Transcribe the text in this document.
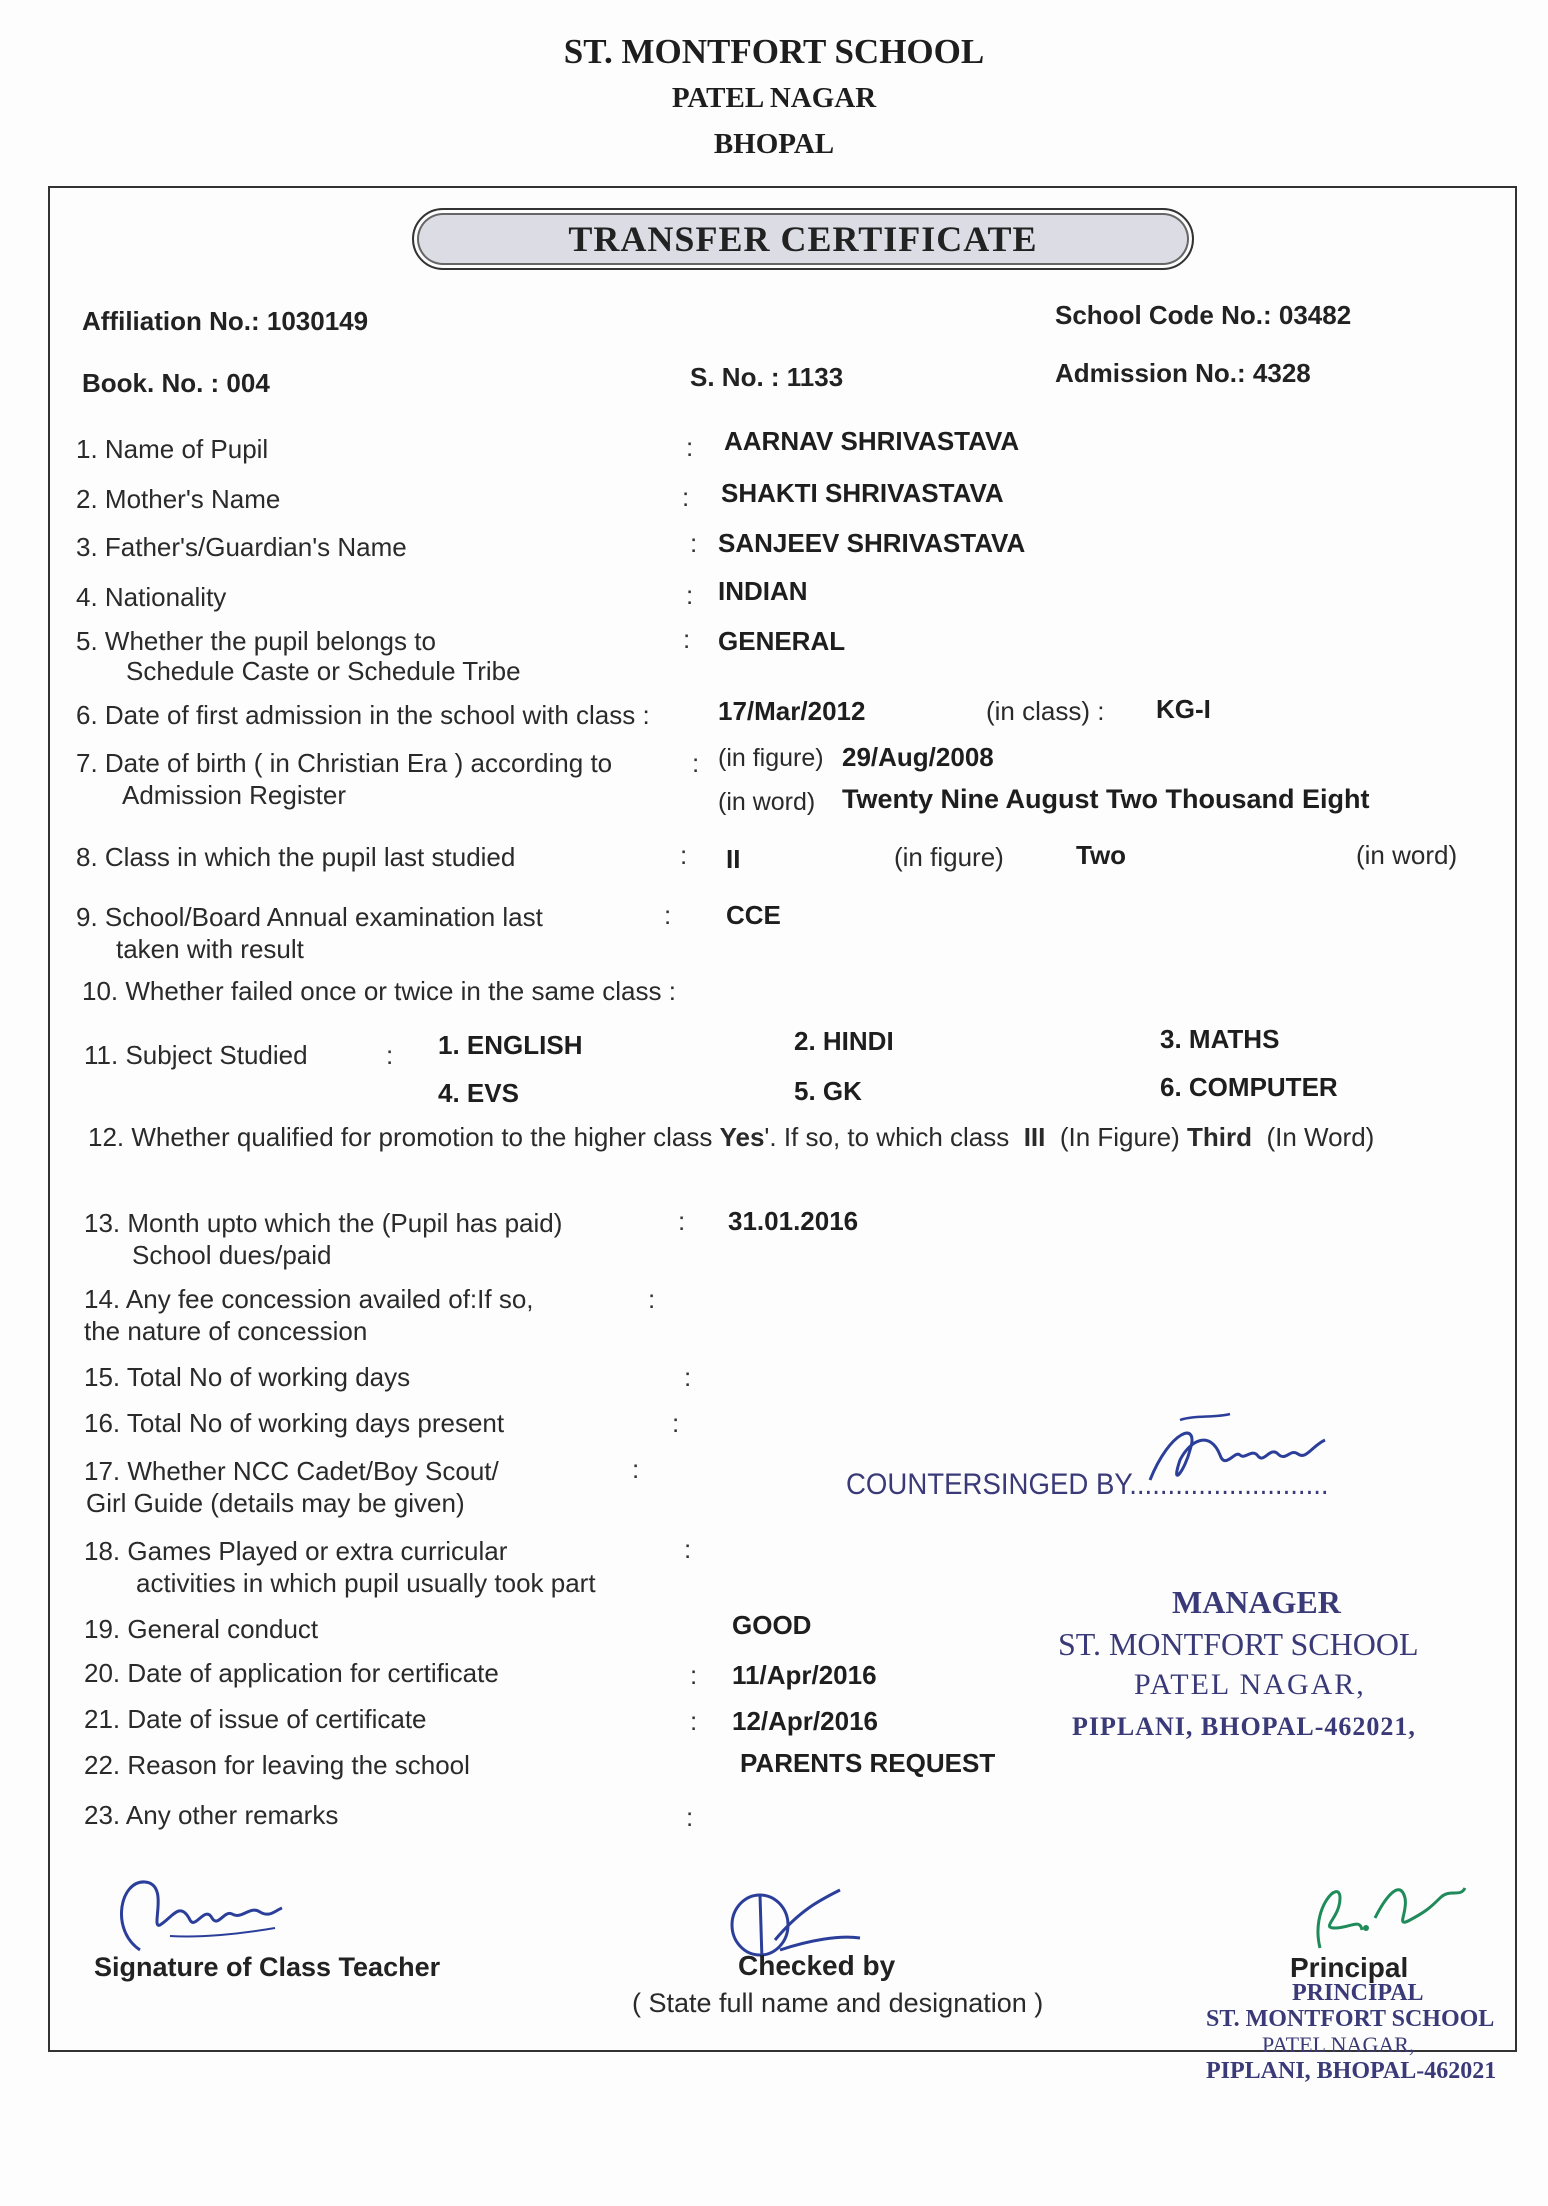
ST. MONTFORT SCHOOL
PATEL NAGAR
BHOPAL
TRANSFER CERTIFICATE
Affiliation No.: 1030149	School Code No.: 03482
Book. No. : 004	S. No. : 1133	Admission No.: 4328
1. Name of Pupil	: AARNAV SHRIVASTAVA
2. Mother's Name	: SHAKTI SHRIVASTAVA
3. Father's/Guardian's Name	: SANJEEV SHRIVASTAVA
4. Nationality	: INDIAN
5. Whether the pupil belongs to
Schedule Caste or Schedule Tribe
: GENERAL
6. Date of first admission in the school with class :	17/Mar/2012	(in class) : KG-I
7. Date of birth ( in Christian Era ) according to
Admission Register
: (in figure) 29/Aug/2008
(in word) Twenty Nine August Two Thousand Eight
8. Class in which the pupil last studied	: II	(in figure)	Two	(in word)
9. School/Board Annual examination last
taken with result
: CCE
10. Whether failed once or twice in the same class :
11. Subject Studied	: 1. ENGLISH	2. HINDI	3. MATHS
4. EVS	5. GK	6. COMPUTER
12. Whether qualified for promotion to the higher class Yes'. If so, to which class III (In Figure) Third (In Word)
13. Month upto which the (Pupil has paid)
School dues/paid
: 31.01.2016
14. Any fee concession availed of:If so,
the nature of concession
:
15. Total No of working days	:
16. Total No of working days present	:
17. Whether NCC Cadet/Boy Scout/
Girl Guide (details may be given)
:
18. Games Played or extra curricular
activities in which pupil usually took part
:
19. General conduct	GOOD
20. Date of application for certificate	: 11/Apr/2016
21. Date of issue of certificate	: 12/Apr/2016
22. Reason for leaving the school	PARENTS REQUEST
23. Any other remarks	:
COUNTERSINGED BY..........................
MANAGER
ST. MONTFORT SCHOOL
PATEL NAGAR,
PIPLANI, BHOPAL-462021,
Signature of Class Teacher	Checked by
( State full name and designation )
Principal
PRINCIPAL
ST. MONTFORT SCHOOL
PATEL NAGAR,
PIPLANI, BHOPAL-462021
